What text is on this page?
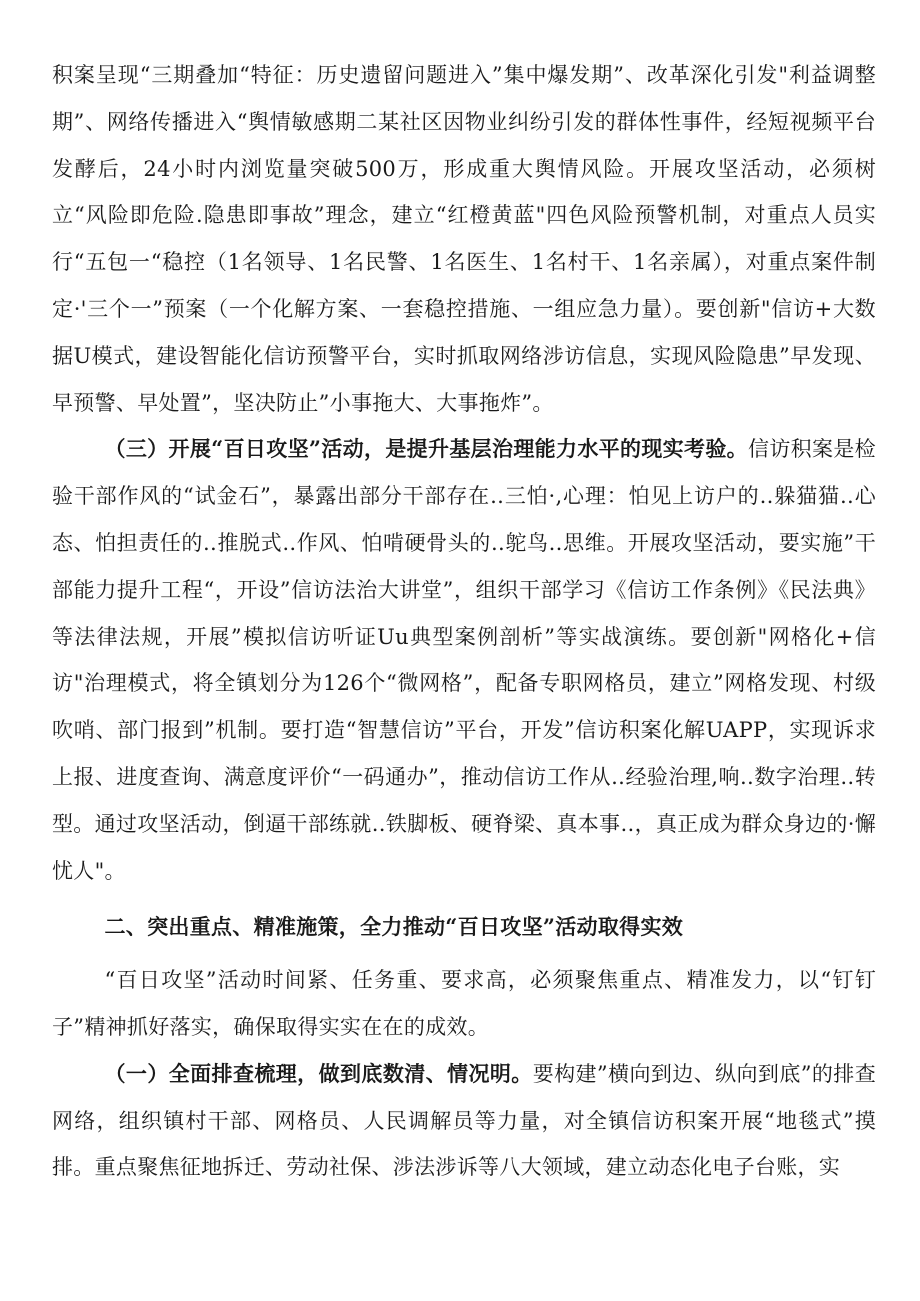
积案呈现“三期叠加“特征：历史遗留问题进入”集中爆发期”、改革深化引发"利益调整期”、网络传播进入“舆情敏感期二某社区因物业纠纷引发的群体性事件，经短视频平台发酵后，24小时内浏览量突破500万，形成重大舆情风险。开展攻坚活动，必须树立“风险即危险.隐患即事故”理念，建立“红橙黄蓝"四色风险预警机制，对重点人员实行“五包一“稳控（1名领导、1名民警、1名医生、1名村干、1名亲属），对重点案件制定·'三个一”预案（一个化解方案、一套稳控措施、一组应急力量）。要创新"信访+大数据U模式，建设智能化信访预警平台，实时抓取网络涉访信息，实现风险隐患”早发现、早预警、早处置”，坚决防止”小事拖大、大事拖炸”。

（三）开展“百日攻坚”活动，是提升基层治理能力水平的现实考验。信访积案是检验干部作风的“试金石”，暴露出部分干部存在‥三怕·,心理：怕见上访户的‥躲猫猫‥心态、怕担责任的‥推脱式‥作风、怕啃硬骨头的‥鸵鸟‥思维。开展攻坚活动，要实施”干部能力提升工程“，开设”信访法治大讲堂”，组织干部学习《信访工作条例》《民法典》等法律法规，开展”模拟信访听证Uu典型案例剖析”等实战演练。要创新"网格化+信访"治理模式，将全镇划分为126个“微网格”，配备专职网格员，建立”网格发现、村级吹哨、部门报到”机制。要打造“智慧信访”平台，开发”信访积案化解UAPP，实现诉求上报、进度查询、满意度评价“一码通办”，推动信访工作从‥经验治理,响‥数字治理‥转型。通过攻坚活动，倒逼干部练就‥铁脚板、硬脊梁、真本事‥，真正成为群众身边的·懈忧人"。

二、突出重点、精准施策，全力推动“百日攻坚”活动取得实效

“百日攻坚”活动时间紧、任务重、要求高，必须聚焦重点、精准发力，以“钉钉子”精神抓好落实，确保取得实实在在的成效。

（一）全面排查梳理，做到底数清、情况明。要构建”横向到边、纵向到底”的排查网络，组织镇村干部、网格员、人民调解员等力量，对全镇信访积案开展“地毯式”摸排。重点聚焦征地拆迁、劳动社保、涉法涉诉等八大领域，建立动态化电子台账，实
